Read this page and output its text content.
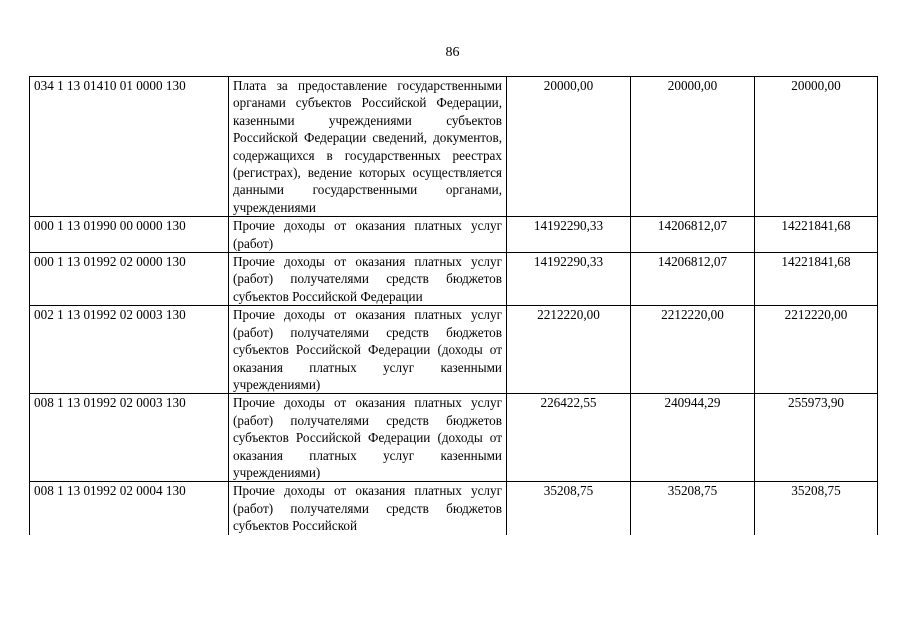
86
034 1 13 01410 01 0000 130	Плата за предоставление государственными органами субъектов Российской Федерации, казенными учреждениями субъектов Российской Федерации сведений, документов, содержащихся в государственных реестрах (регистрах), ведение которых осуществляется данными государственными органами, учреждениями	20000,00	20000,00	20000,00
000 1 13 01990 00 0000 130	Прочие доходы от оказания платных услуг (работ)	14192290,33	14206812,07	14221841,68
000 1 13 01992 02 0000 130	Прочие доходы от оказания платных услуг (работ) получателями средств бюджетов субъектов Российской Федерации	14192290,33	14206812,07	14221841,68
002 1 13 01992 02 0003 130	Прочие доходы от оказания платных услуг (работ) получателями средств бюджетов субъектов Российской Федерации (доходы от оказания платных услуг казенными учреждениями)	2212220,00	2212220,00	2212220,00
008 1 13 01992 02 0003 130	Прочие доходы от оказания платных услуг (работ) получателями средств бюджетов субъектов Российской Федерации (доходы от оказания платных услуг казенными учреждениями)	226422,55	240944,29	255973,90
008 1 13 01992 02 0004 130	Прочие доходы от оказания платных услуг (работ) получателями средств бюджетов субъектов Российской	35208,75	35208,75	35208,75
